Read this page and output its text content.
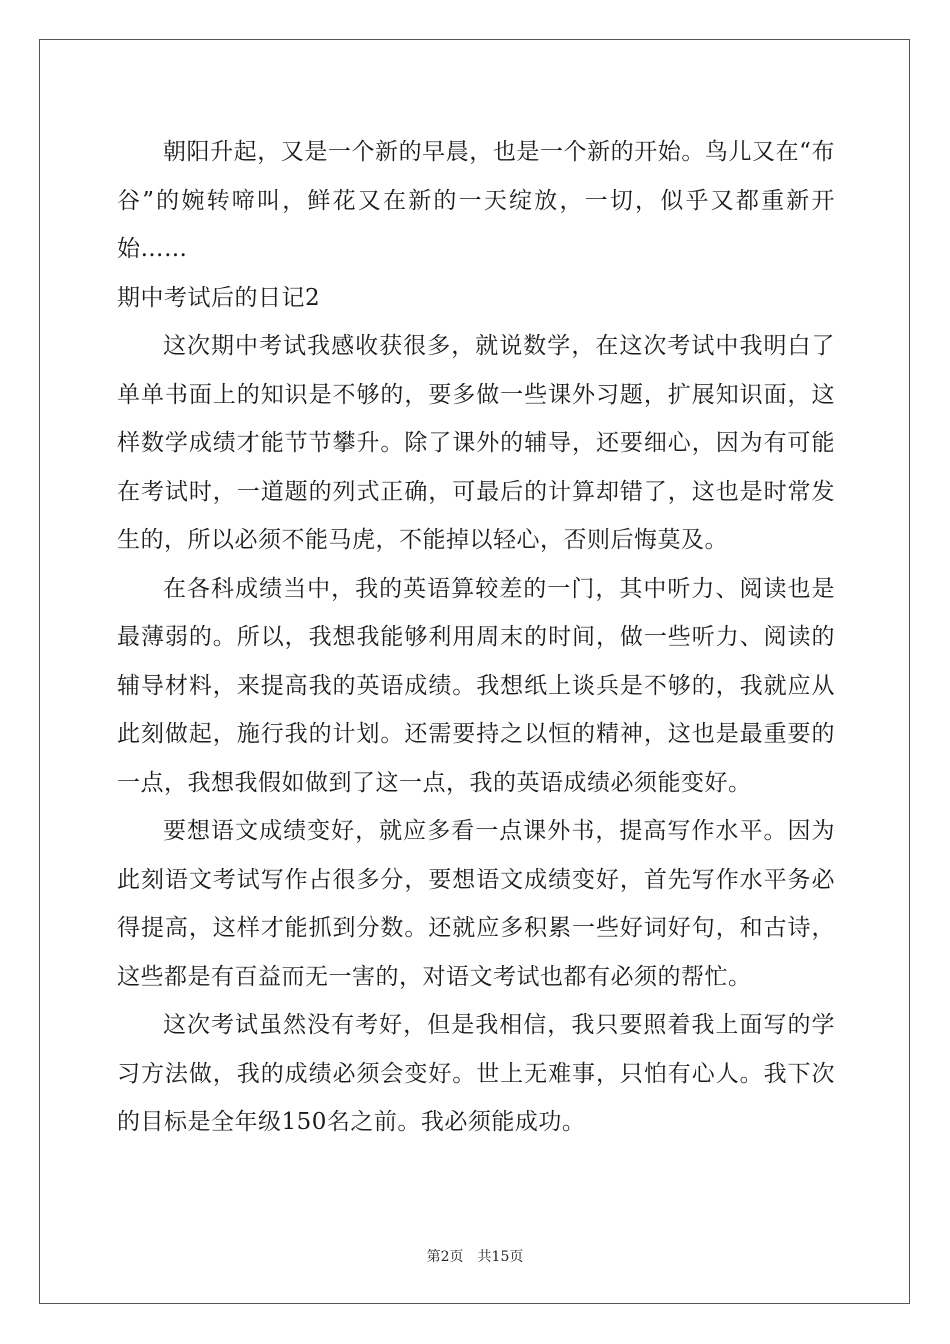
朝阳升起，又是一个新的早晨，也是一个新的开始。鸟儿又在“布谷”的婉转啼叫，鲜花又在新的一天绽放，一切，似乎又都重新开始……

期中考试后的日记2

这次期中考试我感收获很多，就说数学，在这次考试中我明白了单单书面上的知识是不够的，要多做一些课外习题，扩展知识面，这样数学成绩才能节节攀升。除了课外的辅导，还要细心，因为有可能在考试时，一道题的列式正确，可最后的计算却错了，这也是时常发生的，所以必须不能马虎，不能掉以轻心，否则后悔莫及。

在各科成绩当中，我的英语算较差的一门，其中听力、阅读也是最薄弱的。所以，我想我能够利用周末的时间，做一些听力、阅读的辅导材料，来提高我的英语成绩。我想纸上谈兵是不够的，我就应从此刻做起，施行我的计划。还需要持之以恒的精神，这也是最重要的一点，我想我假如做到了这一点，我的英语成绩必须能变好。

要想语文成绩变好，就应多看一点课外书，提高写作水平。因为此刻语文考试写作占很多分，要想语文成绩变好，首先写作水平务必得提高，这样才能抓到分数。还就应多积累一些好词好句，和古诗，这些都是有百益而无一害的，对语文考试也都有必须的帮忙。

这次考试虽然没有考好，但是我相信，我只要照着我上面写的学习方法做，我的成绩必须会变好。世上无难事，只怕有心人。我下次的目标是全年级150名之前。我必须能成功。

第2页 共15页
